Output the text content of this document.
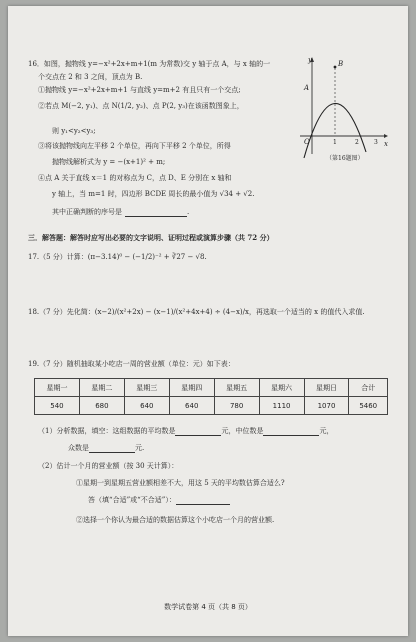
16．如图，抛物线 y=−x²+2x+m+1(m 为常数)交 y 轴于点 A，与 x 轴的一
个交点在 2 和 3 之间，顶点为 B.
①抛物线 y=−x²+2x+m+1 与直线 y=m+2 有且只有一个交点;
②若点 M(−2, y₁)、点 N(1/2, y₂)、点 P(2, y₃)在该函数图象上，
则 y₁<y₂<y₃;
③将该抛物线向左平移 2 个单位，再向下平移 2 个单位，所得
抛物线解析式为 y = −(x+1)² + m;
④点 A 关于直线 x＝1 的对称点为 C，点 D、E 分别在 x 轴和
y 轴上，当 m=1 时，四边形 BCDE 周长的最小值为 √34 + √2.
其中正确判断的序号是	.
y
x
B
A
O	1	2	3
（第16题图）
三．解答题：解答时应写出必要的文字说明、证明过程或演算步骤（共 72 分）
17.（5 分）计算：(π−3.14)⁰ − (−1/2)⁻² + ∛27 − √8.
18.（7 分）先化简：(x−2)/(x²+2x) − (x−1)/(x²+4x+4) ÷ (4−x)/x，再选取一个适当的 x 的值代入求值.
19.（7 分）随机抽取某小吃店一周的营业额（单位：元）如下表：
星期一	星期二	星期三	星期四	星期五	星期六	星期日	合计
540	680	640	640	780	1110	1070	5460
（1）分析数据，填空：这组数据的平均数是	元，中位数是	元，
众数是	元.
（2）估计一个月的营业额（按 30 天计算）：
①星期一到星期五营业额相差不大，用这 5 天的平均数估算合适么?
答（填“合适”或“不合适”）：
②选择一个你认为最合适的数据估算这个小吃店一个月的营业额.
数学试卷第 4 页（共 8 页）
